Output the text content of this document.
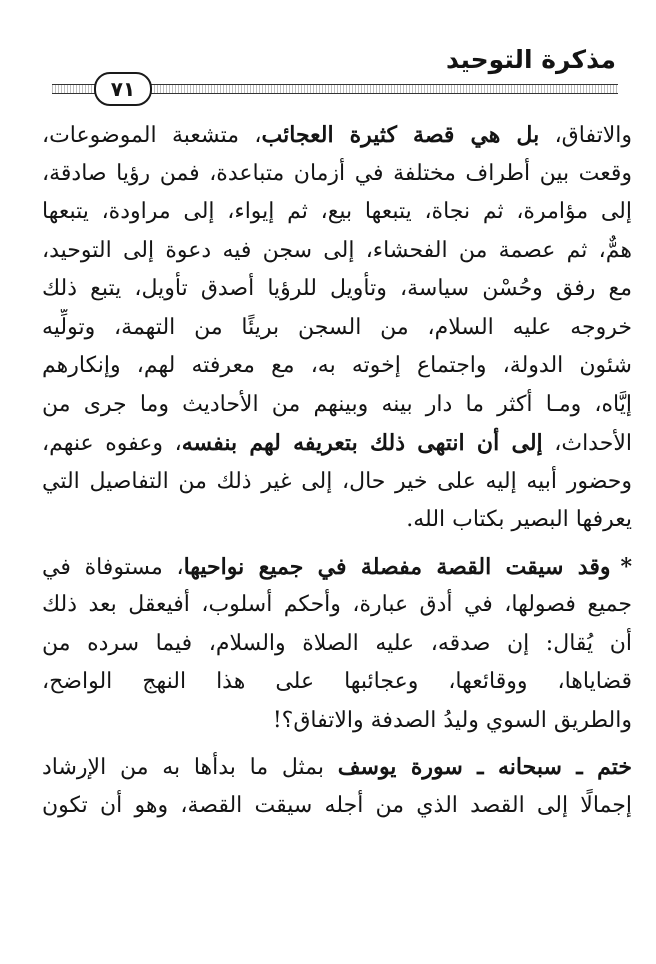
مذكرة التوحيد
٧١
والاتفاق، بل هي قصة كثيرة العجائب، متشعبة الموضوعات،
وقعت بين أطراف مختلفة في أزمان متباعدة، فمن رؤيا صادقة،
إلى مؤامرة، ثم نجاة، يتبعها بيع، ثم إيواء، إلى مراودة، يتبعها
همٌّ، ثم عصمة من الفحشاء، إلى سجن فيه دعوة إلى التوحيد،
مع رفق وحُسْن سياسة، وتأويل للرؤيا أصدق تأويل، يتبع ذلك
خروجه عليه السلام، من السجن بريئًا من التهمة، وتولِّيه
شئون الدولة، واجتماع إخوته به، مع معرفته لهم، وإنكارهم
إيَّاه، ومـا أكثر ما دار بينه وبينهم من الأحاديث وما جرى من
الأحداث، إلى أن انتهى ذلك بتعريفه لهم بنفسه، وعفوه عنهم،
وحضور أبيه إليه على خير حال، إلى غير ذلك من التفاصيل التي
يعرفها البصير بكتاب الله.
*وقد سيقت القصة مفصلة في جميع نواحيها، مستوفاة في
جميع فصولها، في أدق عبارة، وأحكم أسلوب، أفيعقل بعد ذلك
أن يُقال: إن صدقه، عليه الصلاة والسلام، فيما سرده من
قضاياها، ووقائعها، وعجائبها على هذا النهج الواضح،
والطريق السوي وليدُ الصدفة والاتفاق؟!
ختم ـ سبحانه ـ سورة يوسف بمثل ما بدأها به من الإرشاد
إجمالًا إلى القصد الذي من أجله سيقت القصة، وهو أن تكون
